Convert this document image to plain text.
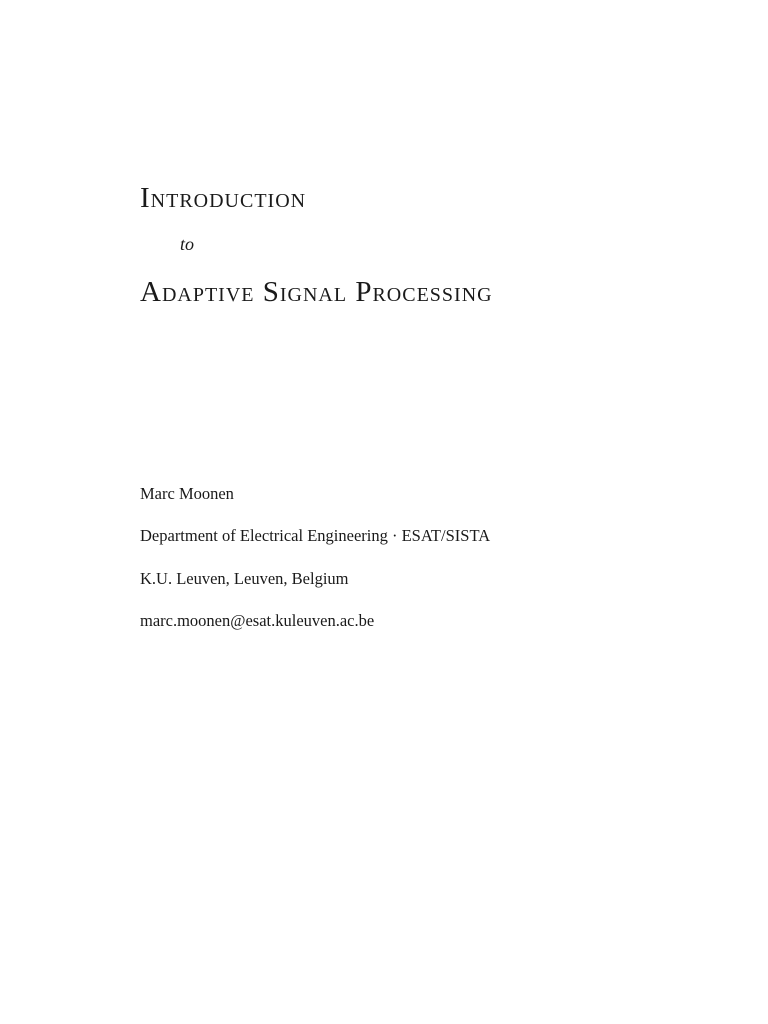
Introduction

to

Adaptive Signal Processing

Marc Moonen

Department of Electrical Engineering · ESAT/SISTA

K.U. Leuven, Leuven, Belgium

marc.moonen@esat.kuleuven.ac.be
